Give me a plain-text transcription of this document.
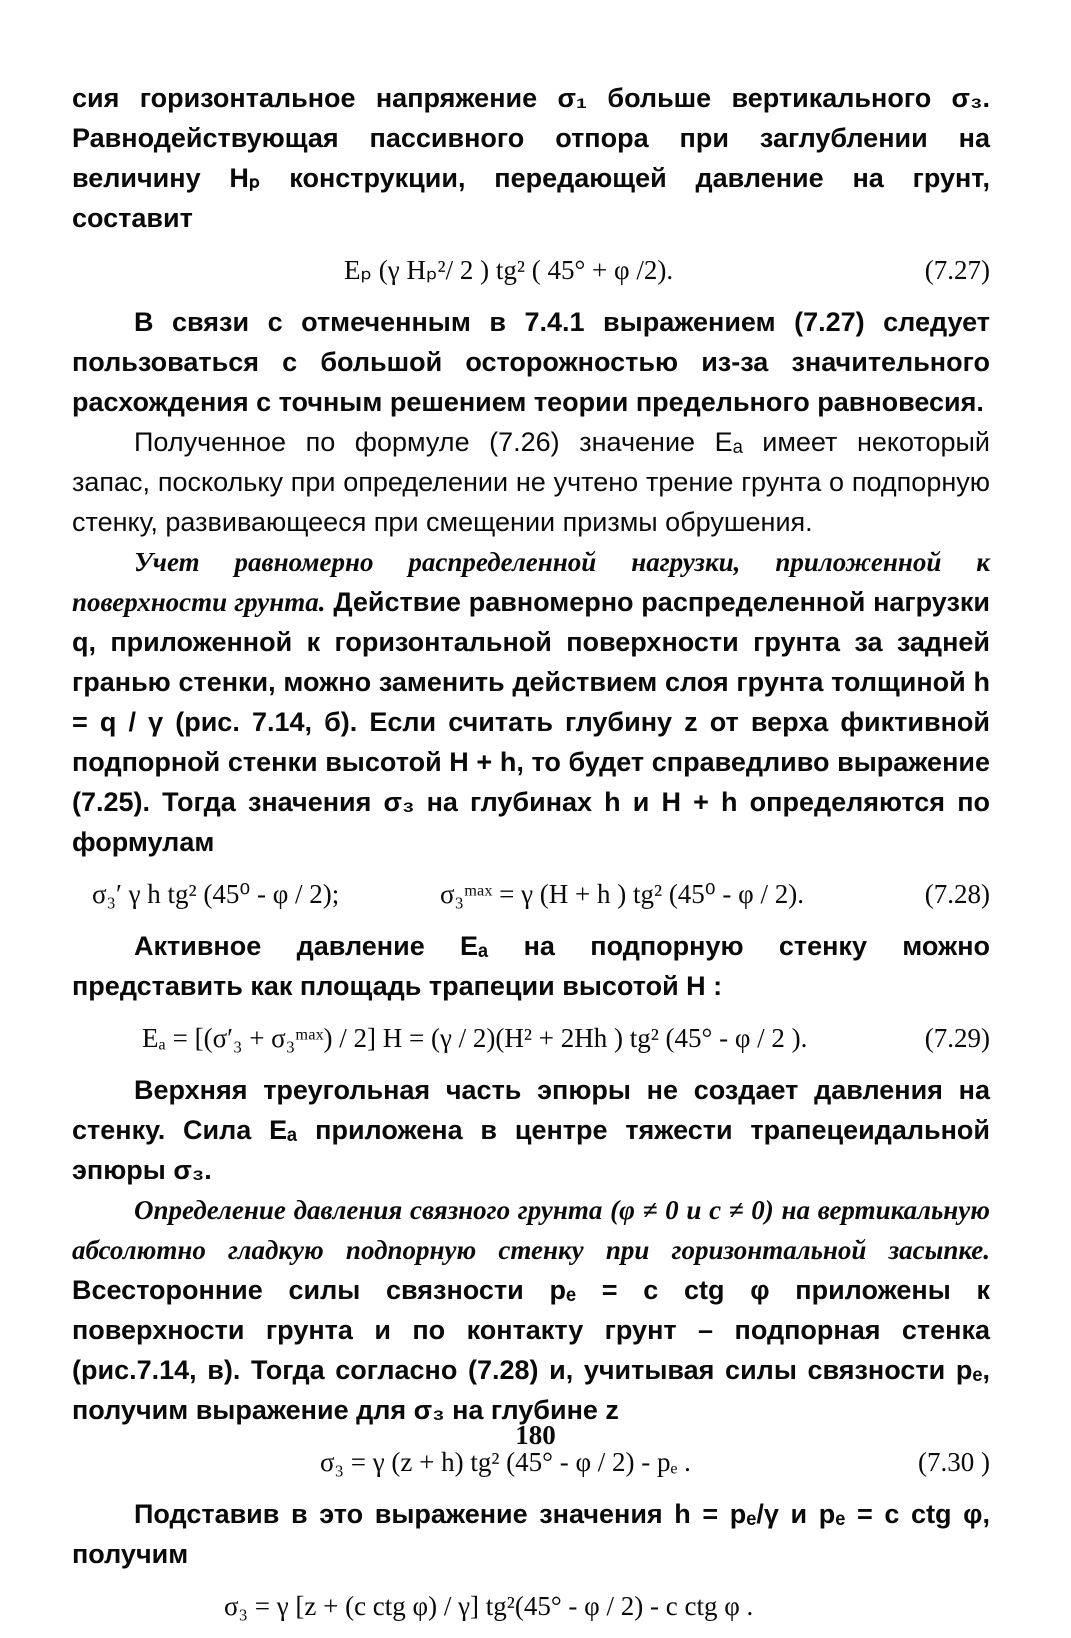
сия горизонтальное напряжение σ₁ больше вертикального σ₃. Равнодействующая пассивного отпора при заглублении на величину Hₚ конструкции, передающей давление на грунт, составит

Eₚ (γ Hₚ²/ 2 ) tg² ( 45° + φ /2).	(7.27)

В связи с отмеченным в 7.4.1 выражением (7.27) следует пользоваться с большой осторожностью из-за значительного расхождения с точным решением теории предельного равновесия.

Полученное по формуле (7.26) значение Eₐ имеет некоторый запас, поскольку при определении не учтено трение грунта о подпорную стенку, развивающееся при смещении призмы обрушения.

Учет равномерно распределенной нагрузки, приложенной к поверхности грунта. Действие равномерно распределенной нагрузки q, приложенной к горизонтальной поверхности грунта за задней гранью стенки, можно заменить действием слоя грунта толщиной h = q / γ (рис. 7.14, б). Если считать глубину z от верха фиктивной подпорной стенки высотой H + h, то будет справедливо выражение (7.25). Тогда значения σ₃ на глубинах h и H + h определяются по формулам

σ₃′ γ h tg² (45⁰ - φ / 2);	σ₃ᵐᵃˣ = γ (H + h ) tg² (45⁰ - φ / 2).	(7.28)

Активное давление Eₐ на подпорную стенку можно представить как площадь трапеции высотой H :

Eₐ = [(σ′₃ + σ₃ᵐᵃˣ) / 2] H = (γ / 2)(H² + 2Hh ) tg² (45° - φ / 2 ).	(7.29)

Верхняя треугольная часть эпюры не создает давления на стенку. Сила Eₐ приложена в центре тяжести трапецеидальной эпюры σ₃.

Определение давления связного грунта (φ ≠ 0 и c ≠ 0) на вертикальную абсолютно гладкую подпорную стенку при горизонтальной засыпке. Всесторонние силы связности pₑ = c ctg φ приложены к поверхности грунта и по контакту грунт – подпорная стенка (рис.7.14, в). Тогда согласно (7.28) и, учитывая силы связности pₑ, получим выражение для σ₃ на глубине z

σ₃ = γ (z + h) tg² (45° - φ / 2) - pₑ .	(7.30 )

Подставив в это выражение значения h = pₑ/γ и pₑ = c ctg φ, получим

σ₃ = γ [z + (c ctg φ) / γ] tg²(45° - φ / 2) - c ctg φ .
180
